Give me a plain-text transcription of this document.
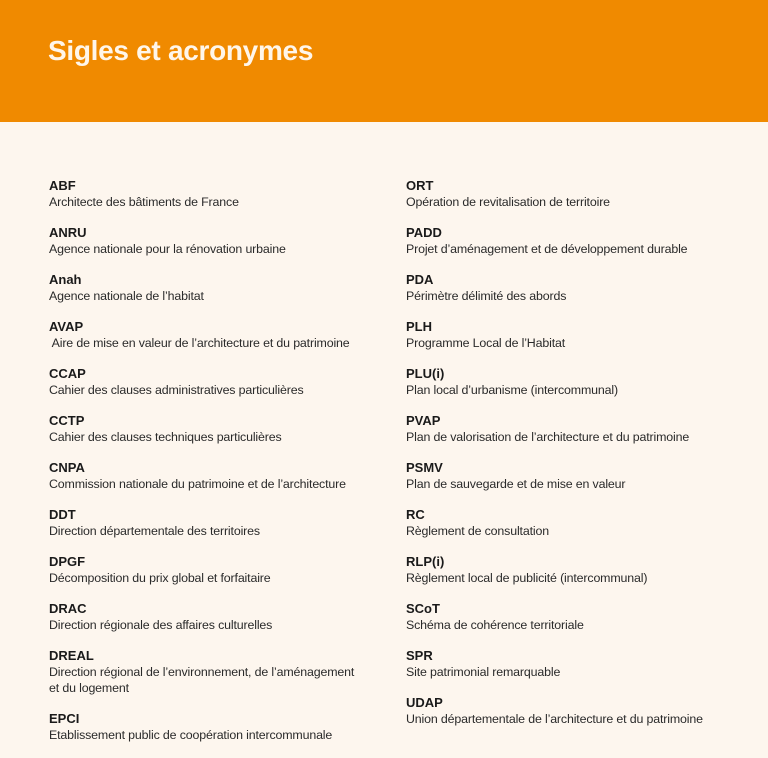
Sigles et acronymes
ABF
Architecte des bâtiments de France
ANRU
Agence nationale pour la rénovation urbaine
Anah
Agence nationale de l’habitat
AVAP
Aire de mise en valeur de l’architecture et du patrimoine
CCAP
Cahier des clauses administratives particulières
CCTP
Cahier des clauses techniques particulières
CNPA
Commission nationale du patrimoine et de l’architecture
DDT
Direction départementale des territoires
DPGF
Décomposition du prix global et forfaitaire
DRAC
Direction régionale des affaires culturelles
DREAL
Direction régional de l’environnement, de l’aménagement et du logement
EPCI
Etablissement public de coopération intercommunale
ORT
Opération de revitalisation de territoire
PADD
Projet d’aménagement et de développement durable
PDA
Périmètre délimité des abords
PLH
Programme Local de l’Habitat
PLU(i)
Plan local d’urbanisme (intercommunal)
PVAP
Plan de valorisation de l’architecture et du patrimoine
PSMV
Plan de sauvegarde et de mise en valeur
RC
Règlement de consultation
RLP(i)
Règlement local de publicité (intercommunal)
SCoT
Schéma de cohérence territoriale
SPR
Site patrimonial remarquable
UDAP
Union départementale de l’architecture et du patrimoine
